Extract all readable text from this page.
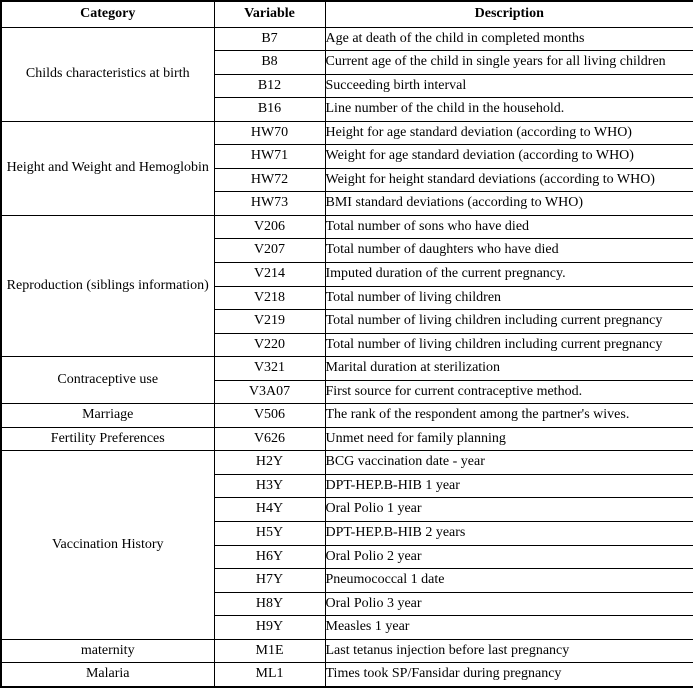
Category	Variable	Description
Childs characteristics at birth	B7	Age at death of the child in completed months
	B8	Current age of the child in single years for all living children
	B12	Succeeding birth interval
	B16	Line number of the child in the household.
Height and Weight and Hemoglobin	HW70	Height for age standard deviation (according to WHO)
	HW71	Weight for age standard deviation (according to WHO)
	HW72	Weight for height standard deviations (according to WHO)
	HW73	BMI standard deviations (according to WHO)
Reproduction (siblings information)	V206	Total number of sons who have died
	V207	Total number of daughters who have died
	V214	Imputed duration of the current pregnancy.
	V218	Total number of living children
	V219	Total number of living children including current pregnancy
	V220	Total number of living children including current pregnancy
Contraceptive use	V321	Marital duration at sterilization
	V3A07	First source for current contraceptive method.
Marriage	V506	The rank of the respondent among the partner's wives.
Fertility Preferences	V626	Unmet need for family planning
Vaccination History	H2Y	BCG vaccination date - year
	H3Y	DPT-HEP.B-HIB 1 year
	H4Y	Oral Polio 1 year
	H5Y	DPT-HEP.B-HIB 2 years
	H6Y	Oral Polio 2 year
	H7Y	Pneumococcal 1 date
	H8Y	Oral Polio 3 year
	H9Y	Measles 1 year
maternity	M1E	Last tetanus injection before last pregnancy
Malaria	ML1	Times took SP/Fansidar during pregnancy
